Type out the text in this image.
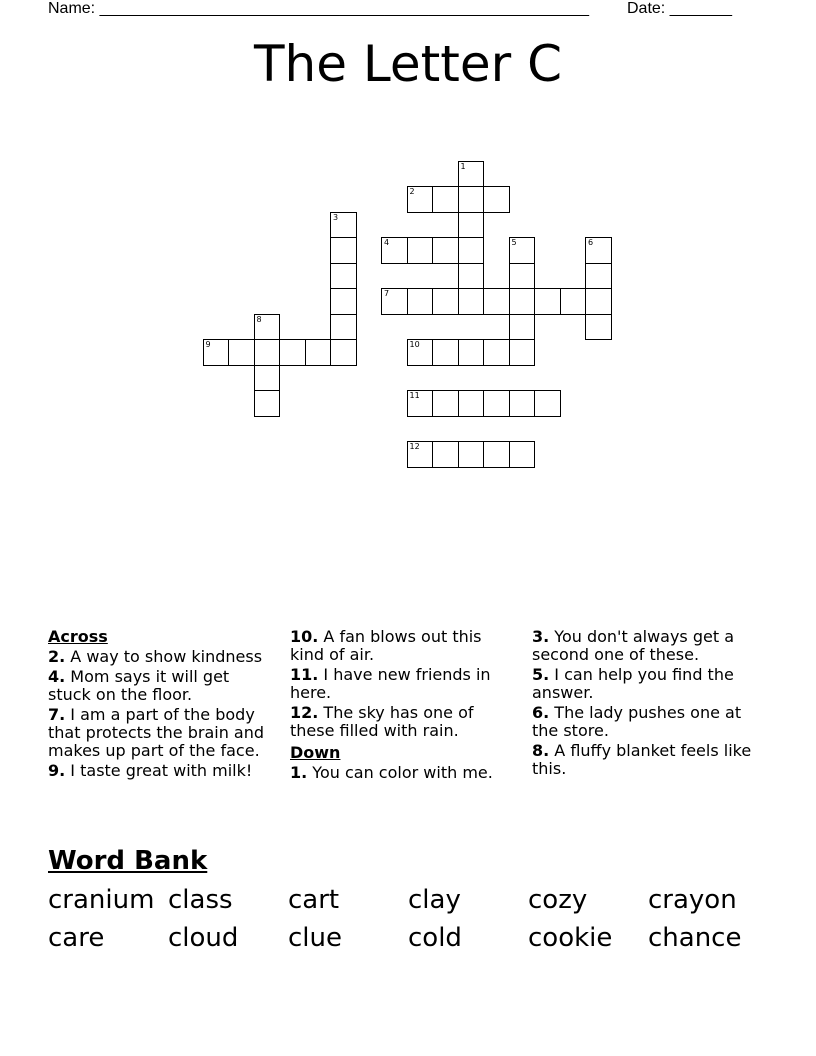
Name: _______________________________________________________ Date: _______
The Letter C
1
2
3
4	5	6
7
8
9	10
11
12

Across

2. A way to show kindness

4. Mom says it will get stuck on the floor.

7. I am a part of the body that protects the brain and makes up part of the face.

9. I taste great with milk!

10. A fan blows out this kind of air.

11. I have new friends in here.

12. The sky has one of these filled with rain.

Down

1. You can color with me.

3. You don't always get a second one of these.

5. I can help you find the answer.

6. The lady pushes one at the store.

8. A fluffy blanket feels like this.

Word Bank
cranium class	cart	clay	cozy	crayon
care	cloud	clue	cold	cookie	chance
